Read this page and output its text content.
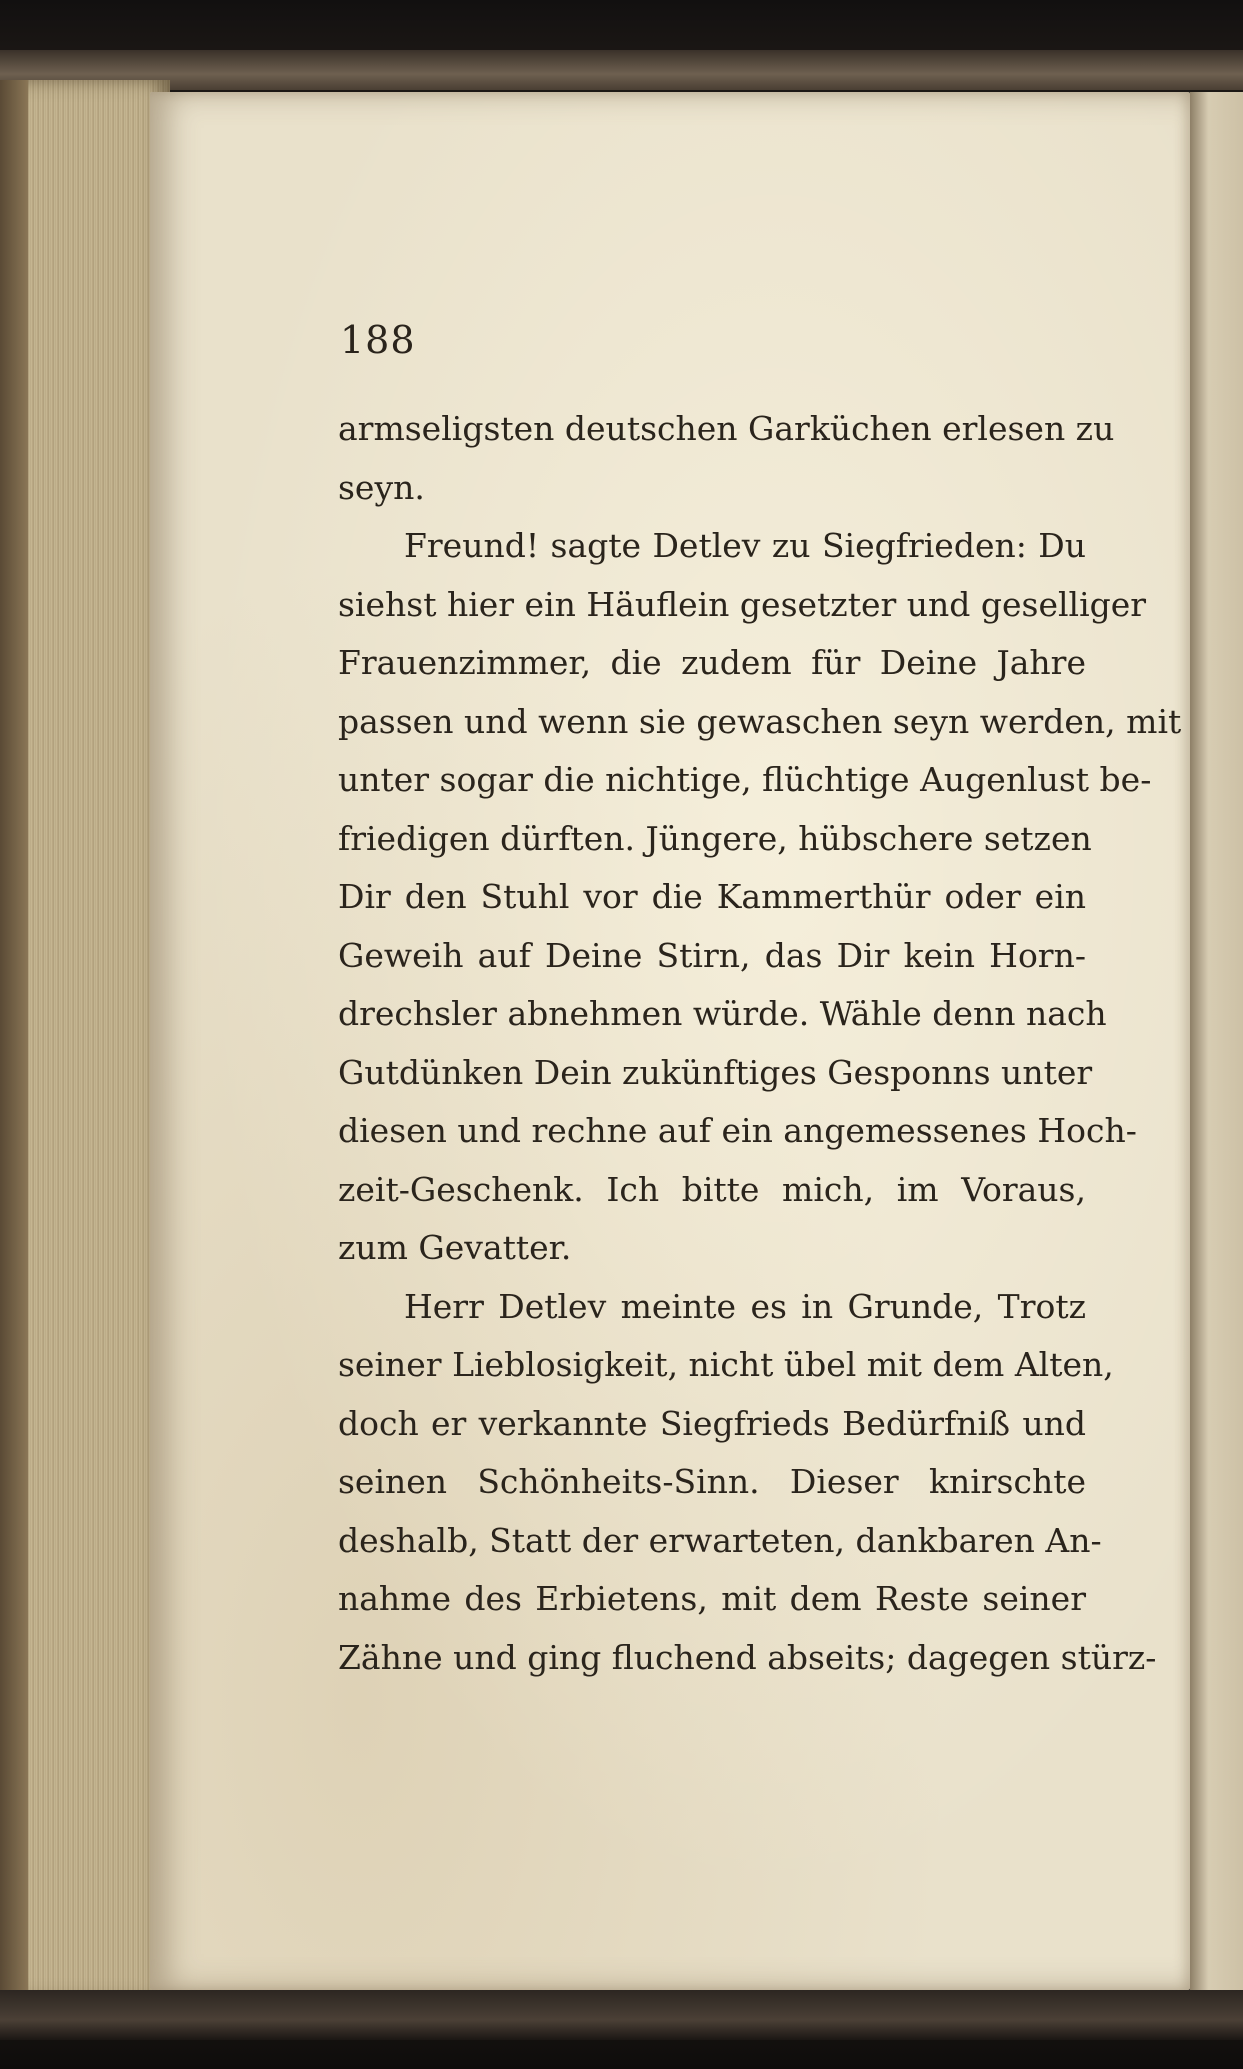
188
armseligsten deutschen Garküchen erlesen zu
seyn.
Freund! sagte Detlev zu Siegfrieden: Du
siehst hier ein Häuflein gesetzter und geselliger
Frauenzimmer, die zudem für Deine Jahre
passen und wenn sie gewaschen seyn werden, mit
unter sogar die nichtige, flüchtige Augenlust be-
friedigen dürften. Jüngere, hübschere setzen
Dir den Stuhl vor die Kammerthür oder ein
Geweih auf Deine Stirn, das Dir kein Horn-
drechsler abnehmen würde. Wähle denn nach
Gutdünken Dein zukünftiges Gesponns unter
diesen und rechne auf ein angemessenes Hoch-
zeit-Geschenk. Ich bitte mich, im Voraus,
zum Gevatter.
Herr Detlev meinte es in Grunde, Trotz
seiner Lieblosigkeit, nicht übel mit dem Alten,
doch er verkannte Siegfrieds Bedürfniß und
seinen Schönheits-Sinn. Dieser knirschte
deshalb, Statt der erwarteten, dankbaren An-
nahme des Erbietens, mit dem Reste seiner
Zähne und ging fluchend abseits; dagegen stürz-
